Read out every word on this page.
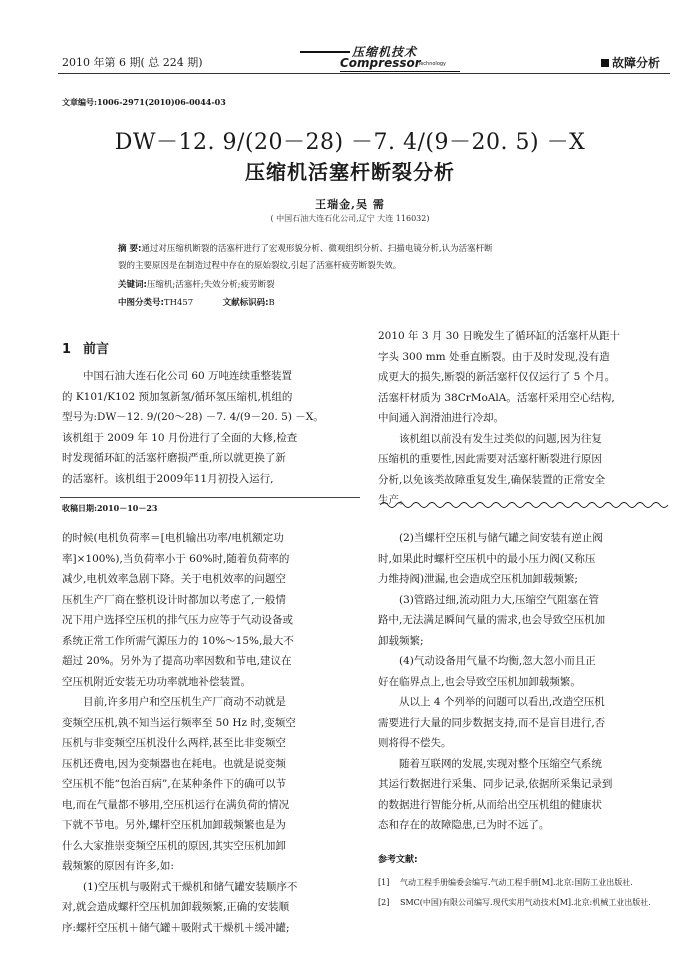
2010 年第 6 期( 总 224 期)
压缩机技术
Compressor
Technology	故障分析
文章编号:1006-2971(2010)06-0044-03
DW－12. 9/(20－28) －7. 4/(9－20. 5) －X
压缩机活塞杆断裂分析
王瑞金,吴 需
( 中国石油大连石化公司,辽宁 大连 116032)
摘 要:通过对压缩机断裂的活塞杆进行了宏观形貌分析、微观组织分析、扫描电镜分析,认为活塞杆断
裂的主要原因是在制造过程中存在的原始裂纹,引起了活塞杆疲劳断裂失效。
关键词:压缩机;活塞杆;失效分析;疲劳断裂
中图分类号:TH457	文献标识码:B
1 前言

中国石油大连石化公司 60 万吨连续重整装置

的 K101/K102 预加氢新氢/循环氢压缩机,机组的

型号为:DW－12. 9/(20～28) －7. 4/(9－20. 5) －X。

该机组于 2009 年 10 月份进行了全面的大修,检查

时发现循环缸的活塞杆磨损严重,所以就更换了新

的活塞杆。该机组于2009年11月初投入运行,

2010 年 3 月 30 日晚发生了循环缸的活塞杆从距十

字头 300 mm 处垂直断裂。由于及时发现,没有造

成更大的损失,断裂的新活塞杆仅仅运行了 5 个月。

活塞杆材质为 38CrMoAlA。活塞杆采用空心结构,

中间通入润滑油进行冷却。

该机组以前没有发生过类似的问题,因为往复

压缩机的重要性,因此需要对活塞杆断裂进行原因

分析,以免该类故障重复发生,确保装置的正常安全

生产。

收稿日期:2010－10－23

的时候(电机负荷率＝[电机输出功率/电机额定功

率]×100%),当负荷率小于 60%时,随着负荷率的

减少,电机效率急剧下降。关于电机效率的问题空

压机生产厂商在整机设计时都加以考虑了,一般情

况下用户选择空压机的排气压力应等于气动设备或

系统正常工作所需气源压力的 10%～15%,最大不

超过 20%。另外为了提高功率因数和节电,建议在

空压机附近安装无功功率就地补偿装置。

目前,许多用户和空压机生产厂商动不动就是

变频空压机,孰不知当运行频率至 50 Hz 时,变频空

压机与非变频空压机没什么两样,甚至比非变频空

压机还费电,因为变频器也在耗电。也就是说变频

空压机不能“包治百病”,在某种条件下的确可以节

电,而在气量都不够用,空压机运行在满负荷的情况

下就不节电。另外,螺杆空压机加卸载频繁也是为

什么大家推崇变频空压机的原因,其实空压机加卸

载频繁的原因有许多,如:

(1)空压机与吸附式干燥机和储气罐安装顺序不

对,就会造成螺杆空压机加卸载频繁,正确的安装顺

序:螺杆空压机＋储气罐＋吸附式干燥机＋缓冲罐;

(2)当螺杆空压机与储气罐之间安装有逆止阀

时,如果此时螺杆空压机中的最小压力阀(又称压

力维持阀)泄漏,也会造成空压机加卸载频繁;

(3)管路过细,流动阻力大,压缩空气阻塞在管

路中,无法满足瞬间气量的需求,也会导致空压机加

卸载频繁;

(4)气动设备用气量不均衡,忽大忽小而且正

好在临界点上,也会导致空压机加卸载频繁。

从以上 4 个列举的问题可以看出,改造空压机

需要进行大量的同步数据支持,而不是盲目进行,否

则将得不偿失。

随着互联网的发展,实现对整个压缩空气系统

其运行数据进行采集、同步记录,依据所采集记录到

的数据进行智能分析,从而给出空压机组的健康状

态和存在的故障隐患,已为时不远了。

参考文献:
[1] 气动工程手册编委会编写.气动工程手册[M].北京:国防工业出版社.
[2] SMC(中国)有限公司编写.现代实用气动技术[M].北京:机械工业出版社.
